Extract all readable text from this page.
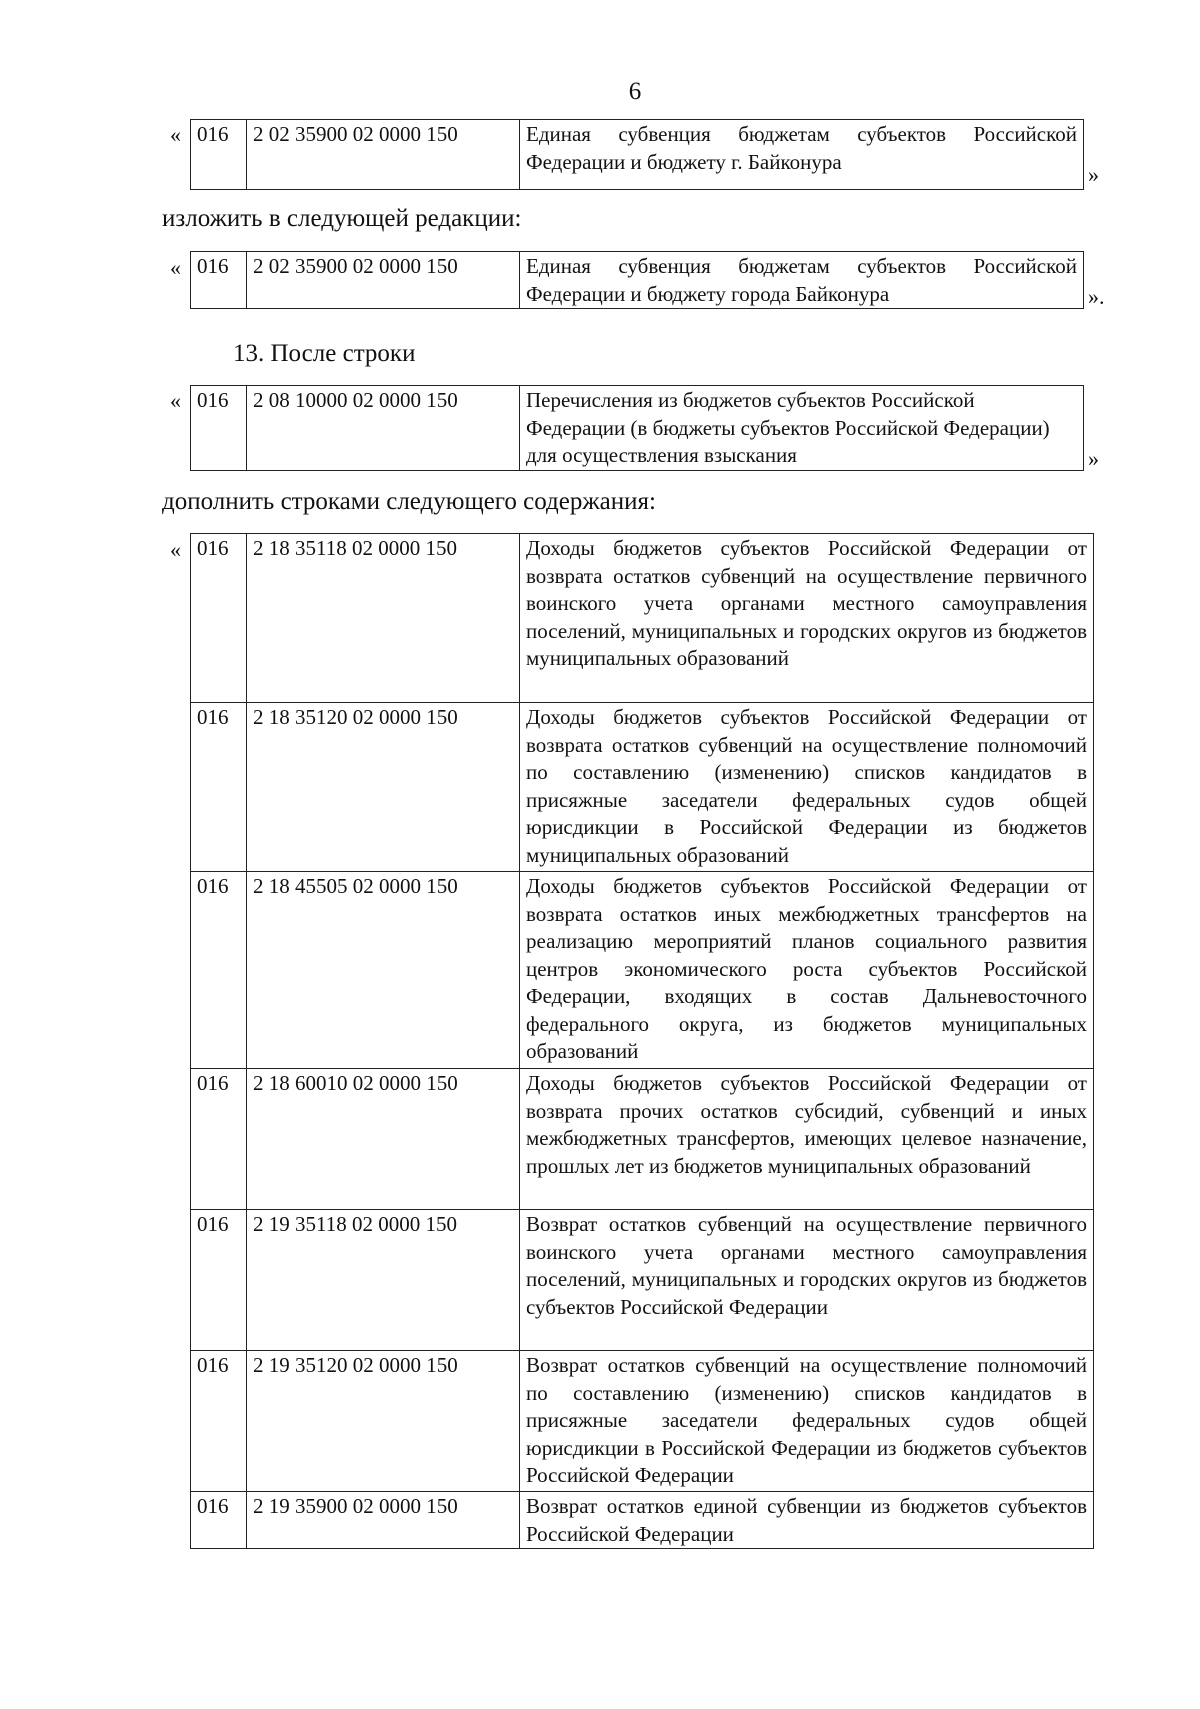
6
« 016	2 02 35900 02 0000 150	Единая субвенция бюджетам субъектов Российской Федерации и бюджету г. Байконура
»
изложить в следующей редакции:
« 016	2 02 35900 02 0000 150	Единая субвенция бюджетам субъектов Российской Федерации и бюджету города Байконура	».
13. После строки
« 016	2 08 10000 02 0000 150	Перечисления из бюджетов субъектов Российской Федерации (в бюджеты субъектов Российской Федерации) для осуществления взыскания	»
дополнить строками следующего содержания:
« 016	2 18 35118 02 0000 150	Доходы бюджетов субъектов Российской Федерации от возврата остатков субвенций на осуществление первичного воинского учета органами местного самоуправления поселений, муниципальных и городских округов из бюджетов муниципальных образований
016	2 18 35120 02 0000 150	Доходы бюджетов субъектов Российской Федерации от возврата остатков субвенций на осуществление полномочий по составлению (изменению) списков кандидатов в присяжные заседатели федеральных судов общей юрисдикции в Российской Федерации из бюджетов муниципальных образований
016	2 18 45505 02 0000 150	Доходы бюджетов субъектов Российской Федерации от возврата остатков иных межбюджетных трансфертов на реализацию мероприятий планов социального развития центров экономического роста субъектов Российской Федерации, входящих в состав Дальневосточного федерального округа, из бюджетов муниципальных образований
016	2 18 60010 02 0000 150	Доходы бюджетов субъектов Российской Федерации от возврата прочих остатков субсидий, субвенций и иных межбюджетных трансфертов, имеющих целевое назначение, прошлых лет из бюджетов муниципальных образований
016	2 19 35118 02 0000 150	Возврат остатков субвенций на осуществление первичного воинского учета органами местного самоуправления поселений, муниципальных и городских округов из бюджетов субъектов Российской Федерации
016	2 19 35120 02 0000 150	Возврат остатков субвенций на осуществление полномочий по составлению (изменению) списков кандидатов в присяжные заседатели федеральных судов общей юрисдикции в Российской Федерации из бюджетов субъектов Российской Федерации
016	2 19 35900 02 0000 150	Возврат остатков единой субвенции из бюджетов субъектов Российской Федерации
